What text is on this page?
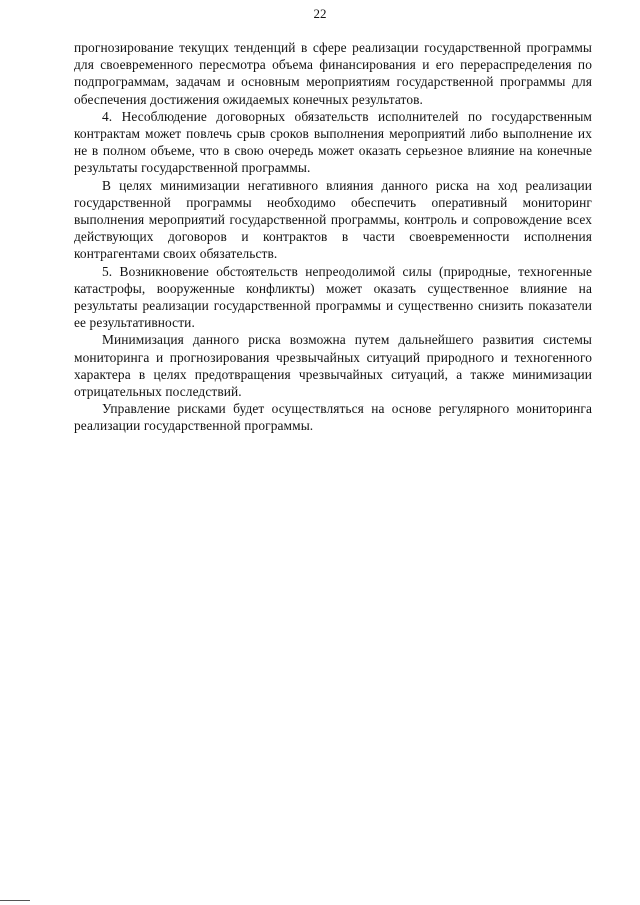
22

прогнозирование текущих тенденций в сфере реализации государственной программы для своевременного пересмотра объема финансирования и его перераспределения по подпрограммам, задачам и основным мероприятиям государственной программы для обеспечения достижения ожидаемых конечных результатов.

4. Несоблюдение договорных обязательств исполнителей по государственным контрактам может повлечь срыв сроков выполнения мероприятий либо выполнение их не в полном объеме, что в свою очередь может оказать серьезное влияние на конечные результаты государственной программы.

В целях минимизации негативного влияния данного риска на ход реализации государственной программы необходимо обеспечить оперативный мониторинг выполнения мероприятий государственной программы, контроль и сопровождение всех действующих договоров и контрактов в части своевременности исполнения контрагентами своих обязательств.

5. Возникновение обстоятельств непреодолимой силы (природные, техногенные катастрофы, вооруженные конфликты) может оказать существенное влияние на результаты реализации государственной программы и существенно снизить показатели ее результативности.

Минимизация данного риска возможна путем дальнейшего развития системы мониторинга и прогнозирования чрезвычайных ситуаций природного и техногенного характера в целях предотвращения чрезвычайных ситуаций, а также минимизации отрицательных последствий.

Управление рисками будет осуществляться на основе регулярного мониторинга реализации государственной программы.
